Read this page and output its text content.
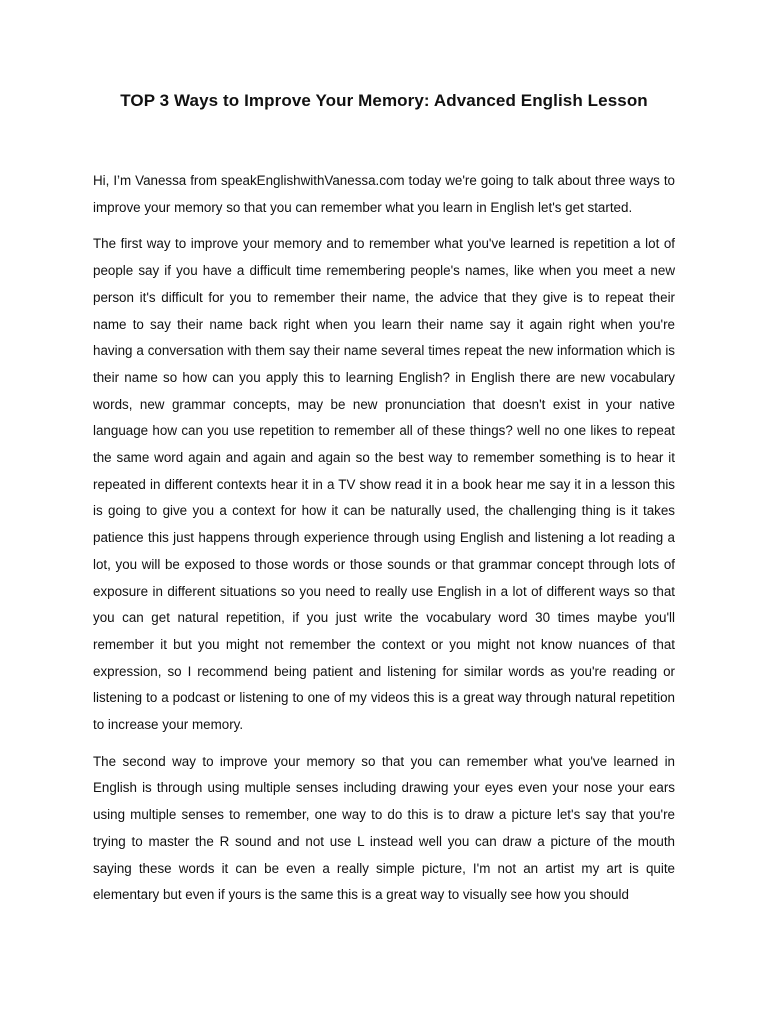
TOP 3 Ways to Improve Your Memory: Advanced English Lesson

Hi, I’m Vanessa from speakEnglishwithVanessa.com today we're going to talk about three ways to improve your memory so that you can remember what you learn in English let's get started.

The first way to improve your memory and to remember what you've learned is repetition a lot of people say if you have a difficult time remembering people's names, like when you meet a new person it's difficult for you to remember their name, the advice that they give is to repeat their name to say their name back right when you learn their name say it again right when you're having a conversation with them say their name several times repeat the new information which is their name so how can you apply this to learning English? in English there are new vocabulary words, new grammar concepts, may be new pronunciation that doesn't exist in your native language how can you use repetition to remember all of these things? well no one likes to repeat the same word again and again and again so the best way to remember something is to hear it repeated in different contexts hear it in a TV show read it in a book hear me say it in a lesson this is going to give you a context for how it can be naturally used, the challenging thing is it takes patience this just happens through experience through using English and listening a lot reading a lot, you will be exposed to those words or those sounds or that grammar concept through lots of exposure in different situations so you need to really use English in a lot of different ways so that you can get natural repetition, if you just write the vocabulary word 30 times maybe you'll remember it but you might not remember the context or you might not know nuances of that expression, so I recommend being patient and listening for similar words as you're reading or listening to a podcast or listening to one of my videos this is a great way through natural repetition to increase your memory.

The second way to improve your memory so that you can remember what you've learned in English is through using multiple senses including drawing your eyes even your nose your ears using multiple senses to remember, one way to do this is to draw a picture let's say that you're trying to master the R sound and not use L instead well you can draw a picture of the mouth saying these words it can be even a really simple picture, I'm not an artist my art is quite elementary but even if yours is the same this is a great way to visually see how you should
